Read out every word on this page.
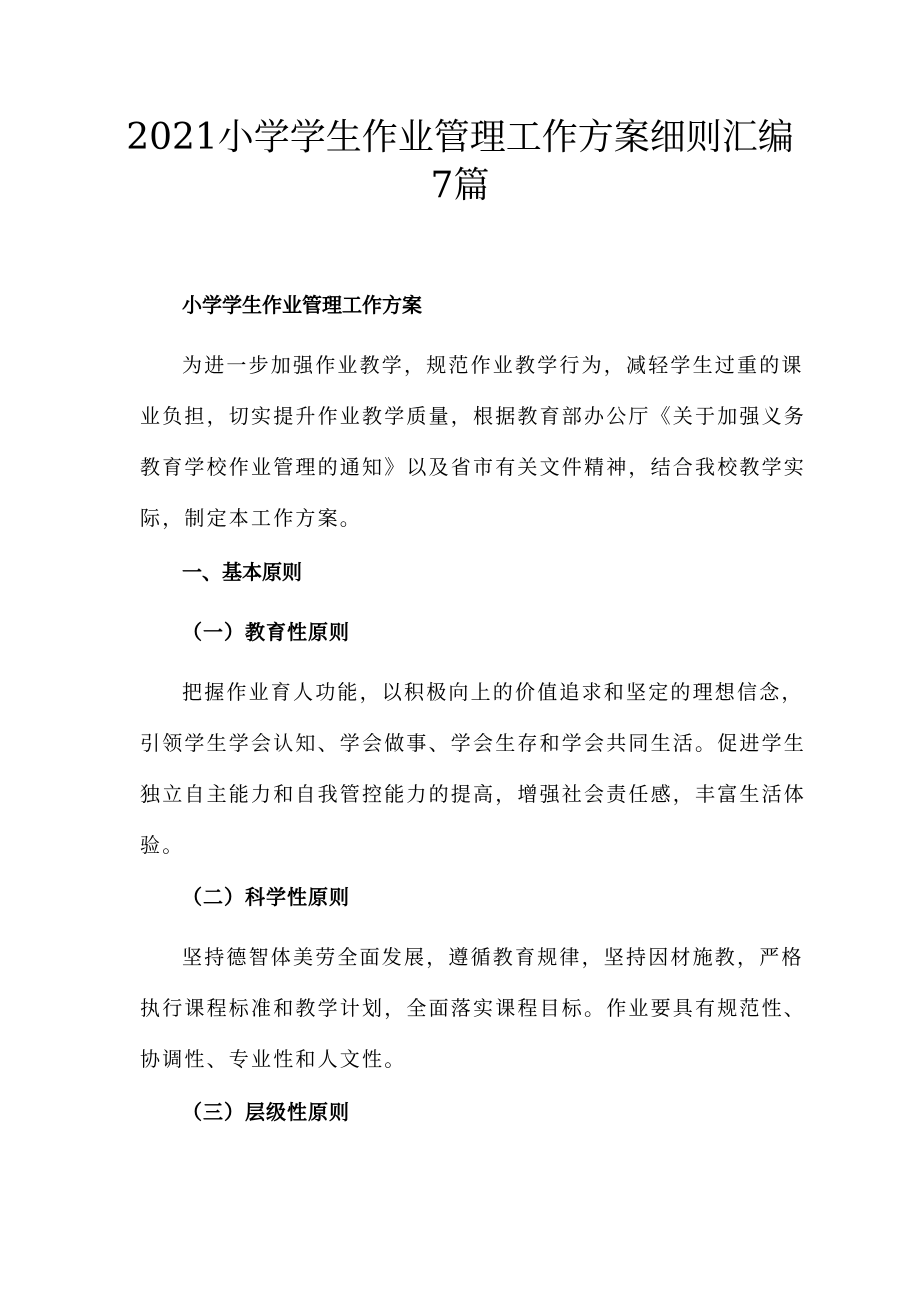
2021小学学生作业管理工作方案细则汇编
7篇
小学学生作业管理工作方案
为进一步加强作业教学，规范作业教学行为，减轻学生过重的课
业负担，切实提升作业教学质量，根据教育部办公厅《关于加强义务
教育学校作业管理的通知》以及省市有关文件精神，结合我校教学实
际，制定本工作方案。
一、基本原则
（一）教育性原则
把握作业育人功能，以积极向上的价值追求和坚定的理想信念，
引领学生学会认知、学会做事、学会生存和学会共同生活。促进学生
独立自主能力和自我管控能力的提高，增强社会责任感，丰富生活体
验。
（二）科学性原则
坚持德智体美劳全面发展，遵循教育规律，坚持因材施教，严格
执行课程标准和教学计划，全面落实课程目标。作业要具有规范性、
协调性、专业性和人文性。
（三）层级性原则
